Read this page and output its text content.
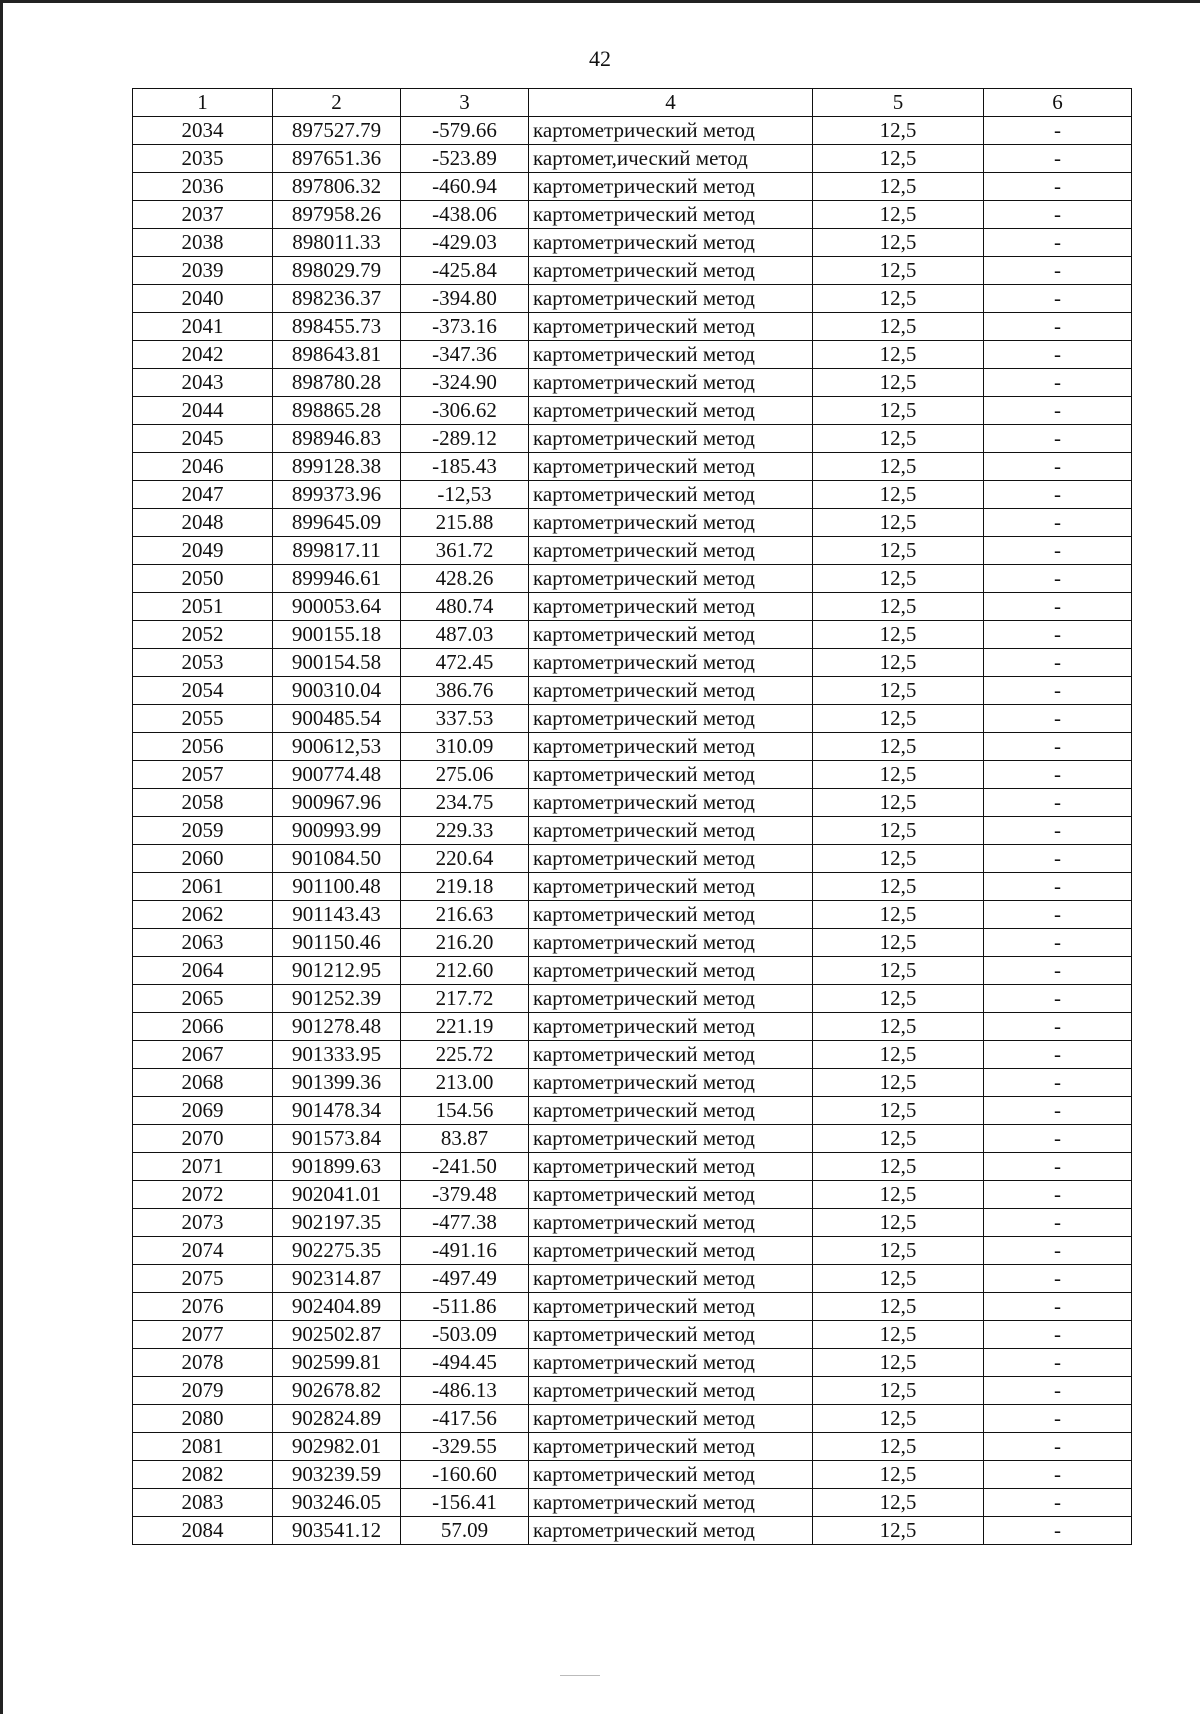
42
1	2	3	4	5	6
2034	897527.79	-579.66	картометрический метод	12,5	-
2035	897651.36	-523.89	картомет,ический метод	12,5	-
2036	897806.32	-460.94	картометрический метод	12,5	-
2037	897958.26	-438.06	картометрический метод	12,5	-
2038	898011.33	-429.03	картометрический метод	12,5	-
2039	898029.79	-425.84	картометрический метод	12,5	-
2040	898236.37	-394.80	картометрический метод	12,5	-
2041	898455.73	-373.16	картометрический метод	12,5	-
2042	898643.81	-347.36	картометрический метод	12,5	-
2043	898780.28	-324.90	картометрический метод	12,5	-
2044	898865.28	-306.62	картометрический метод	12,5	-
2045	898946.83	-289.12	картометрический метод	12,5	-
2046	899128.38	-185.43	картометрический метод	12,5	-
2047	899373.96	-12,53	картометрический метод	12,5	-
2048	899645.09	215.88	картометрический метод	12,5	-
2049	899817.11	361.72	картометрический метод	12,5	-
2050	899946.61	428.26	картометрический метод	12,5	-
2051	900053.64	480.74	картометрический метод	12,5	-
2052	900155.18	487.03	картометрический метод	12,5	-
2053	900154.58	472.45	картометрический метод	12,5	-
2054	900310.04	386.76	картометрический метод	12,5	-
2055	900485.54	337.53	картометрический метод	12,5	-
2056	900612,53	310.09	картометрический метод	12,5	-
2057	900774.48	275.06	картометрический метод	12,5	-
2058	900967.96	234.75	картометрический метод	12,5	-
2059	900993.99	229.33	картометрический метод	12,5	-
2060	901084.50	220.64	картометрический метод	12,5	-
2061	901100.48	219.18	картометрический метод	12,5	-
2062	901143.43	216.63	картометрический метод	12,5	-
2063	901150.46	216.20	картометрический метод	12,5	-
2064	901212.95	212.60	картометрический метод	12,5	-
2065	901252.39	217.72	картометрический метод	12,5	-
2066	901278.48	221.19	картометрический метод	12,5	-
2067	901333.95	225.72	картометрический метод	12,5	-
2068	901399.36	213.00	картометрический метод	12,5	-
2069	901478.34	154.56	картометрический метод	12,5	-
2070	901573.84	83.87	картометрический метод	12,5	-
2071	901899.63	-241.50	картометрический метод	12,5	-
2072	902041.01	-379.48	картометрический метод	12,5	-
2073	902197.35	-477.38	картометрический метод	12,5	-
2074	902275.35	-491.16	картометрический метод	12,5	-
2075	902314.87	-497.49	картометрический метод	12,5	-
2076	902404.89	-511.86	картометрический метод	12,5	-
2077	902502.87	-503.09	картометрический метод	12,5	-
2078	902599.81	-494.45	картометрический метод	12,5	-
2079	902678.82	-486.13	картометрический метод	12,5	-
2080	902824.89	-417.56	картометрический метод	12,5	-
2081	902982.01	-329.55	картометрический метод	12,5	-
2082	903239.59	-160.60	картометрический метод	12,5	-
2083	903246.05	-156.41	картометрический метод	12,5	-
2084	903541.12	57.09	картометрический метод	12,5	-
